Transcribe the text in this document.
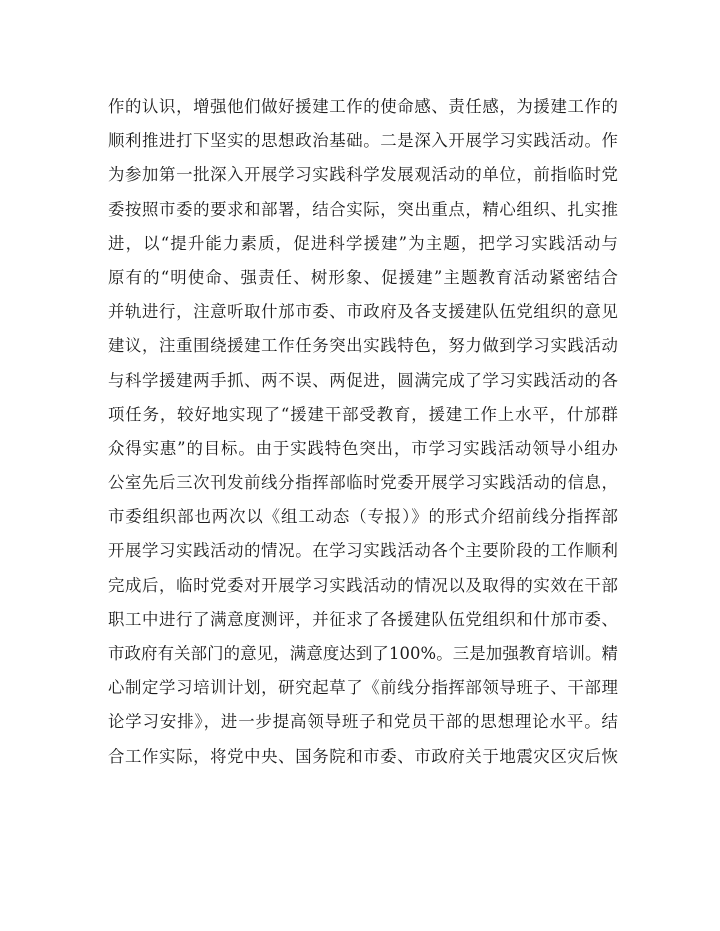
作的认识，增强他们做好援建工作的使命感、责任感，为援建工作的
顺利推进打下坚实的思想政治基础。二是深入开展学习实践活动。作
为参加第一批深入开展学习实践科学发展观活动的单位，前指临时党
委按照市委的要求和部署，结合实际，突出重点，精心组织、扎实推
进，以“提升能力素质，促进科学援建”为主题，把学习实践活动与
原有的“明使命、强责任、树形象、促援建”主题教育活动紧密结合
并轨进行，注意听取什邡市委、市政府及各支援建队伍党组织的意见
建议，注重围绕援建工作任务突出实践特色，努力做到学习实践活动
与科学援建两手抓、两不误、两促进，圆满完成了学习实践活动的各
项任务，较好地实现了“援建干部受教育，援建工作上水平，什邡群
众得实惠”的目标。由于实践特色突出，市学习实践活动领导小组办
公室先后三次刊发前线分指挥部临时党委开展学习实践活动的信息，
市委组织部也两次以《组工动态（专报）》的形式介绍前线分指挥部
开展学习实践活动的情况。在学习实践活动各个主要阶段的工作顺利
完成后，临时党委对开展学习实践活动的情况以及取得的实效在干部
职工中进行了满意度测评，并征求了各援建队伍党组织和什邡市委、
市政府有关部门的意见，满意度达到了100%。三是加强教育培训。精
心制定学习培训计划，研究起草了《前线分指挥部领导班子、干部理
论学习安排》，进一步提高领导班子和党员干部的思想理论水平。结
合工作实际，将党中央、国务院和市委、市政府关于地震灾区灾后恢
